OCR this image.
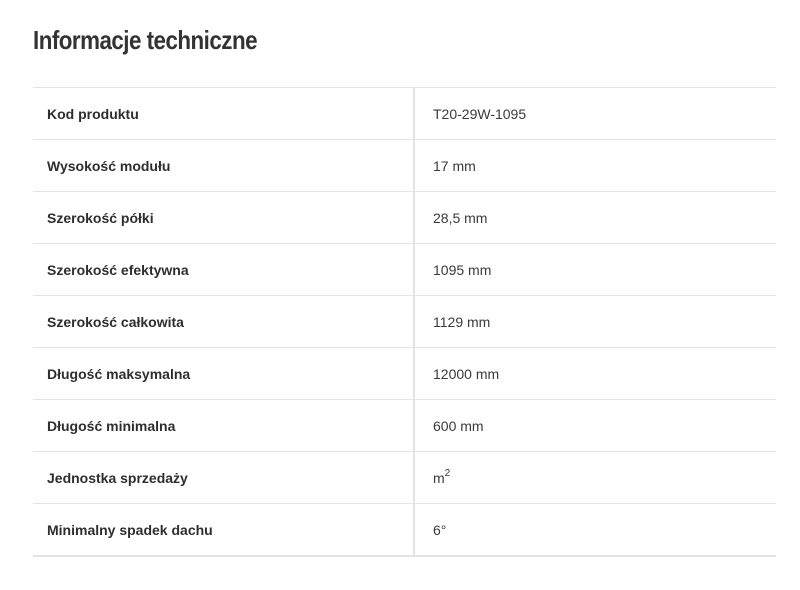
Informacje techniczne
Kod produktu	T20-29W-1095
Wysokość modułu	17 mm
Szerokość półki	28,5 mm
Szerokość efektywna	1095 mm
Szerokość całkowita	1129 mm
Długość maksymalna	12000 mm
Długość minimalna	600 mm
Jednostka sprzedaży	$m^2$
Minimalny spadek dachu	6°
